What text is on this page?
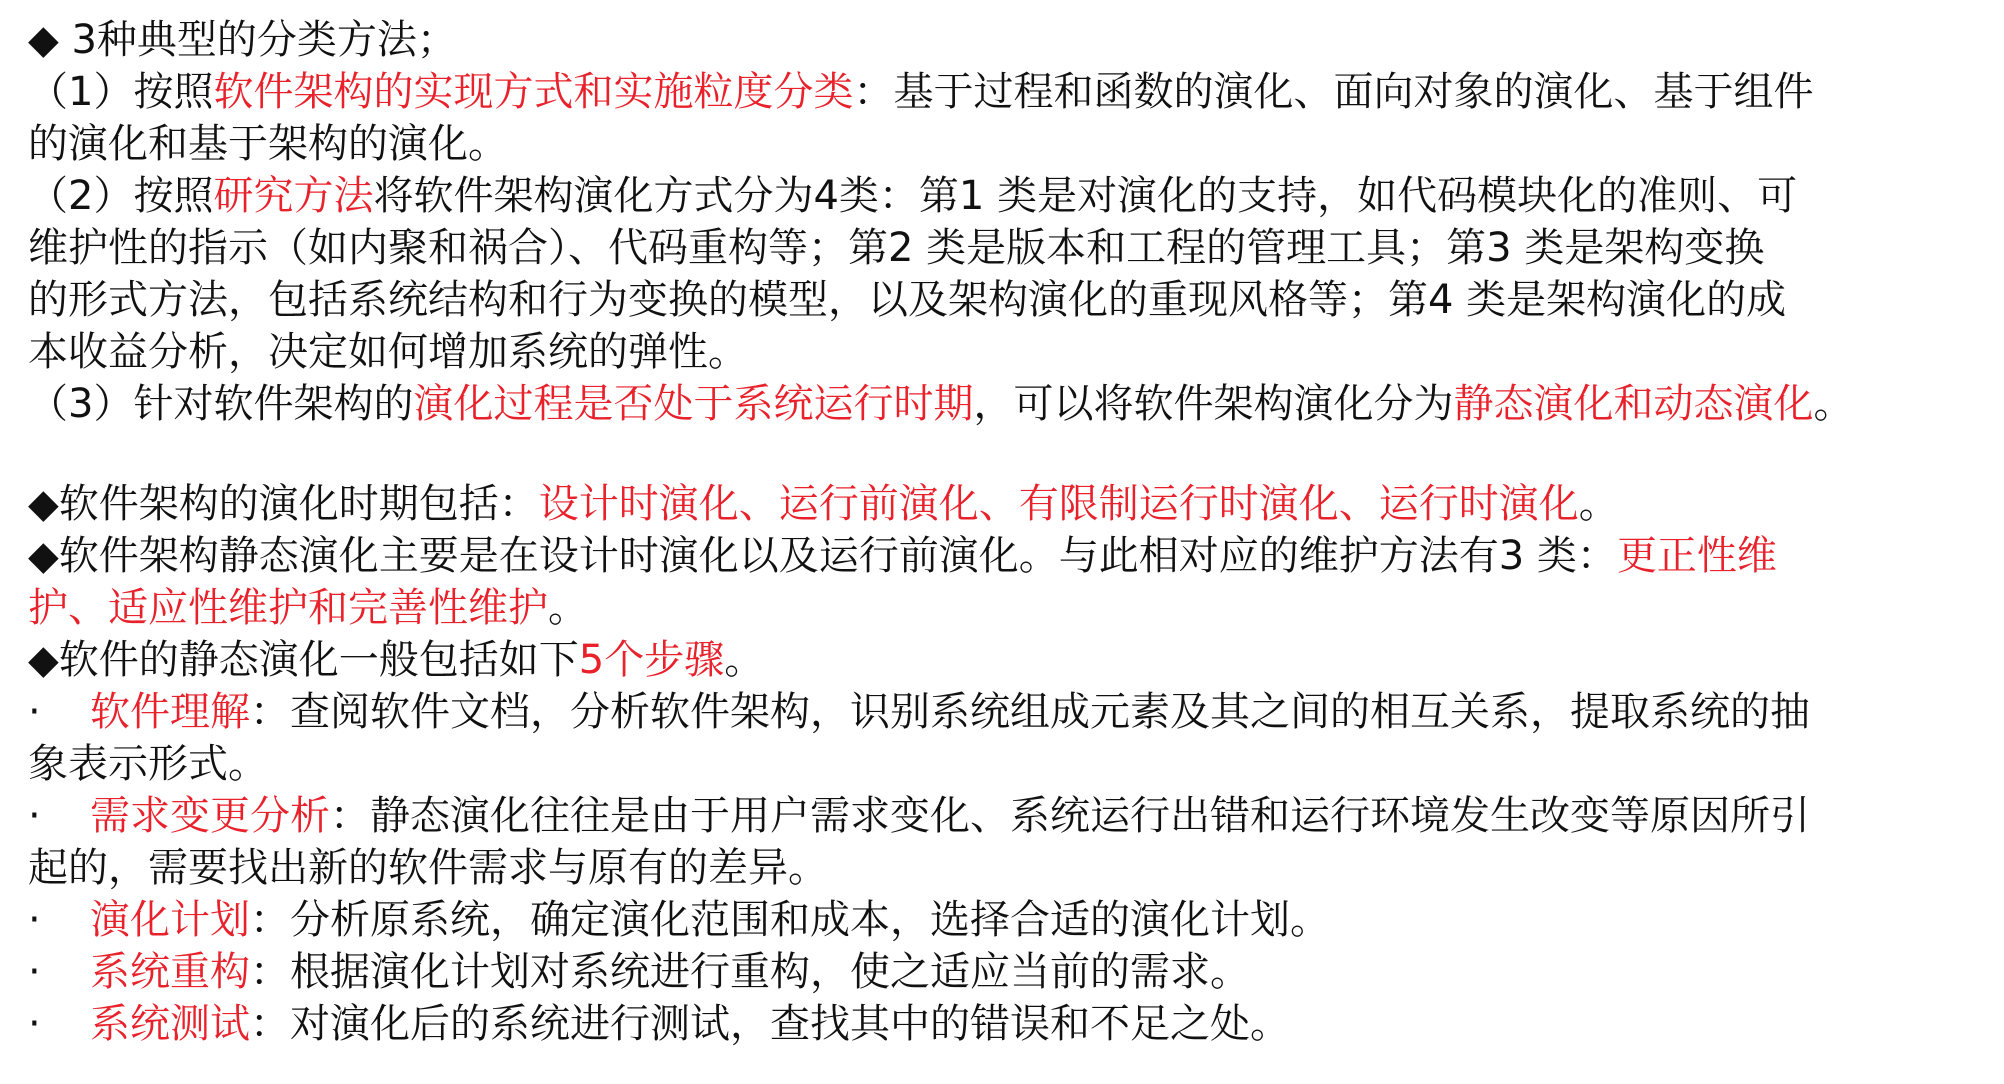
◆ 3种典型的分类方法；
（1）按照软件架构的实现方式和实施粒度分类：基于过程和函数的演化、面向对象的演化、基于组件
的演化和基于架构的演化。
（2）按照研究方法将软件架构演化方式分为4类：第1 类是对演化的支持，如代码模块化的准则、可
维护性的指示（如内聚和祸合）、代码重构等；第2 类是版本和工程的管理工具；第3 类是架构变换
的形式方法，包括系统结构和行为变换的模型，以及架构演化的重现风格等；第4 类是架构演化的成
本收益分析，决定如何增加系统的弹性。
（3）针对软件架构的演化过程是否处于系统运行时期，可以将软件架构演化分为静态演化和动态演化。
◆软件架构的演化时期包括：设计时演化、运行前演化、有限制运行时演化、运行时演化。
◆软件架构静态演化主要是在设计时演化以及运行前演化。与此相对应的维护方法有3 类：更正性维
护、适应性维护和完善性维护。
◆软件的静态演化一般包括如下5个步骤。
· 软件理解：查阅软件文档，分析软件架构，识别系统组成元素及其之间的相互关系，提取系统的抽
象表示形式。
· 需求变更分析：静态演化往往是由于用户需求变化、系统运行出错和运行环境发生改变等原因所引
起的，需要找出新的软件需求与原有的差异。
· 演化计划：分析原系统，确定演化范围和成本，选择合适的演化计划。
· 系统重构：根据演化计划对系统进行重构，使之适应当前的需求。
· 系统测试：对演化后的系统进行测试，查找其中的错误和不足之处。
